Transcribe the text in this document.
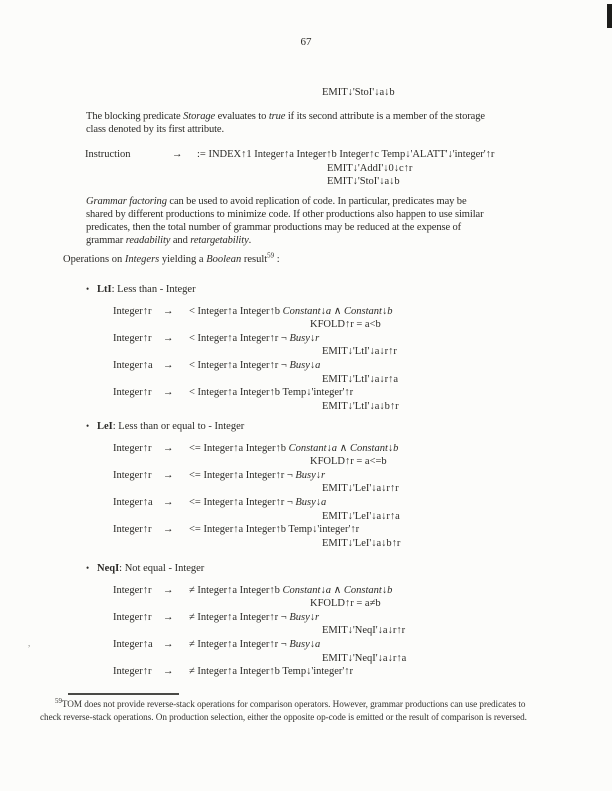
67
EMIT↓'StoI'↓a↓b
The blocking predicate Storage evaluates to true if its second attribute is a member of the storage
class denoted by its first attribute.
Instruction	→ := INDEX↑1 Integer↑a Integer↑b Integer↑c Temp↓'ALATT'↓'integer'↑r
EMIT↓'AddI'↓0↓c↑r
EMIT↓'StoI'↓a↓b
Grammar factoring can be used to avoid replication of code. In particular, predicates may be
shared by different productions to minimize code. If other productions also happen to use similar
predicates, then the total number of grammar productions may be reduced at the expense of
grammar readability and retargetability.
Operations on Integers yielding a Boolean result$^{59}$ :
• LtI: Less than - Integer
Integer↑r → < Integer↑a Integer↑b Constant↓a ∧ Constant↓b
KFOLD↑r = a<b
Integer↑r → < Integer↑a Integer↑r ¬ Busy↓r
EMIT↓'LtI'↓a↓r↑r
Integer↑a → < Integer↑a Integer↑r ¬ Busy↓a
EMIT↓'LtI'↓a↓r↑a
Integer↑r → < Integer↑a Integer↑b Temp↓'integer'↑r
EMIT↓'LtI'↓a↓b↑r
• LeI: Less than or equal to - Integer
Integer↑r → <= Integer↑a Integer↑b Constant↓a ∧ Constant↓b
KFOLD↑r = a<=b
Integer↑r → <= Integer↑a Integer↑r ¬ Busy↓r
EMIT↓'LeI'↓a↓r↑r
Integer↑a → <= Integer↑a Integer↑r ¬ Busy↓a
EMIT↓'LeI'↓a↓r↑a
Integer↑r → <= Integer↑a Integer↑b Temp↓'integer'↑r
EMIT↓'LeI'↓a↓b↑r
• NeqI: Not equal - Integer
Integer↑r → ≠ Integer↑a Integer↑b Constant↓a ∧ Constant↓b
KFOLD↑r = a≠b
Integer↑r → ≠ Integer↑a Integer↑r ¬ Busy↓r
EMIT↓'NeqI'↓a↓r↑r
Integer↑a → ≠ Integer↑a Integer↑r ¬ Busy↓a
EMIT↓'NeqI'↓a↓r↑a
Integer↑r → ≠ Integer↑a Integer↑b Temp↓'integer'↑r
$^{59}$TOM does not provide reverse-stack operations for comparison operators. However, grammar productions can use predicates to
check reverse-stack operations. On production selection, either the opposite op-code is emitted or the result of comparison is reversed.
,
